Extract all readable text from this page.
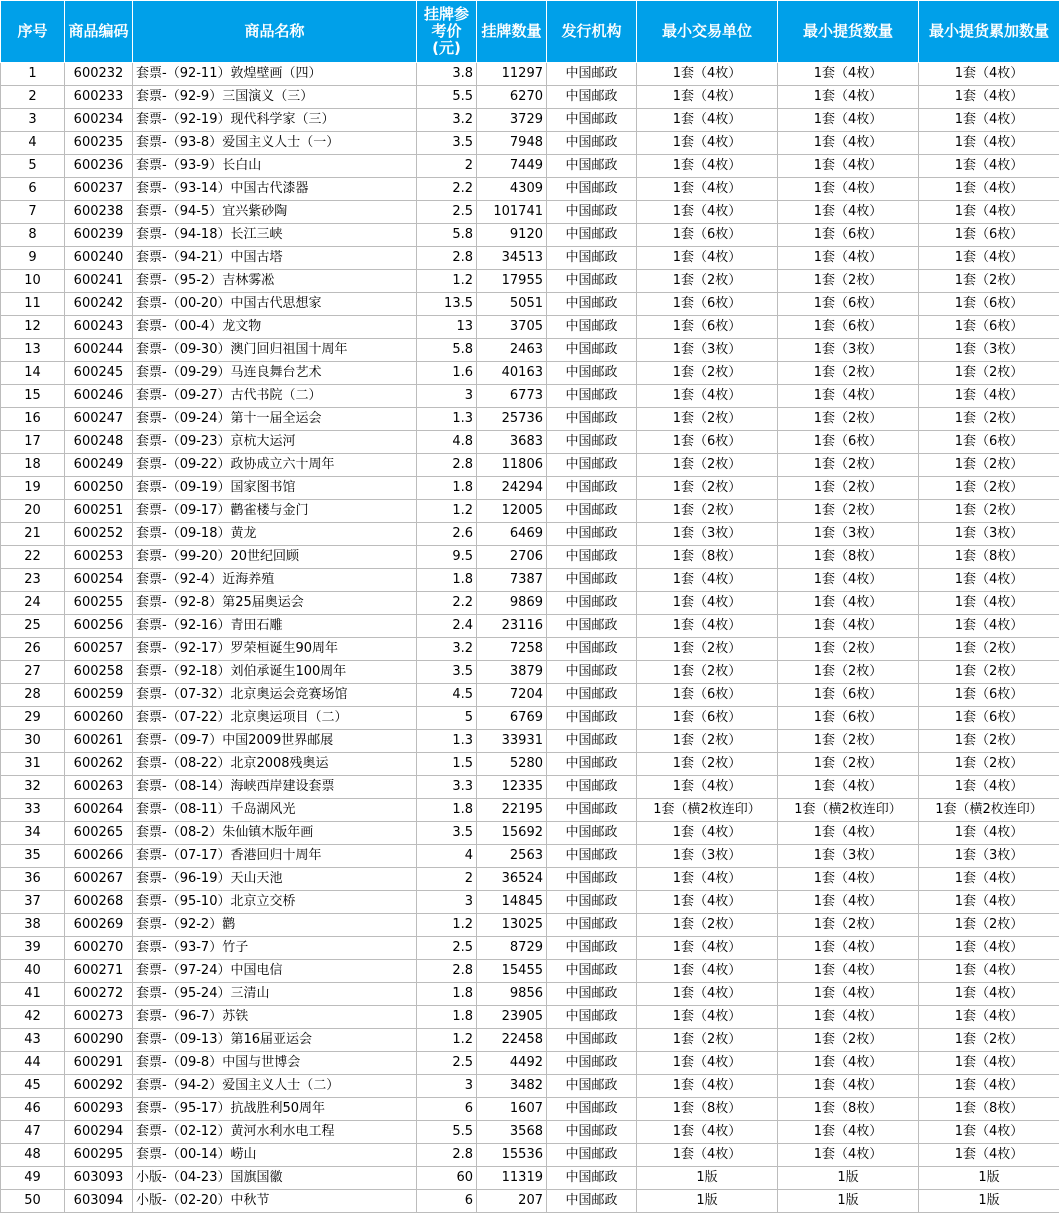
序号	商品编码	商品名称	挂牌参考价(元)	挂牌数量	发行机构	最小交易单位	最小提货数量	最小提货累加数量
1	600232	套票-（92-11）敦煌壁画（四）	3.8	11297	中国邮政	1套（4枚）	1套（4枚）	1套（4枚）
2	600233	套票-（92-9）三国演义（三）	5.5	6270	中国邮政	1套（4枚）	1套（4枚）	1套（4枚）
3	600234	套票-（92-19）现代科学家（三）	3.2	3729	中国邮政	1套（4枚）	1套（4枚）	1套（4枚）
4	600235	套票-（93-8）爱国主义人士（一）	3.5	7948	中国邮政	1套（4枚）	1套（4枚）	1套（4枚）
5	600236	套票-（93-9）长白山	2	7449	中国邮政	1套（4枚）	1套（4枚）	1套（4枚）
6	600237	套票-（93-14）中国古代漆器	2.2	4309	中国邮政	1套（4枚）	1套（4枚）	1套（4枚）
7	600238	套票-（94-5）宜兴紫砂陶	2.5	101741	中国邮政	1套（4枚）	1套（4枚）	1套（4枚）
8	600239	套票-（94-18）长江三峡	5.8	9120	中国邮政	1套（6枚）	1套（6枚）	1套（6枚）
9	600240	套票-（94-21）中国古塔	2.8	34513	中国邮政	1套（4枚）	1套（4枚）	1套（4枚）
10	600241	套票-（95-2）吉林雾凇	1.2	17955	中国邮政	1套（2枚）	1套（2枚）	1套（2枚）
11	600242	套票-（00-20）中国古代思想家	13.5	5051	中国邮政	1套（6枚）	1套（6枚）	1套（6枚）
12	600243	套票-（00-4）龙文物	13	3705	中国邮政	1套（6枚）	1套（6枚）	1套（6枚）
13	600244	套票-（09-30）澳门回归祖国十周年	5.8	2463	中国邮政	1套（3枚）	1套（3枚）	1套（3枚）
14	600245	套票-（09-29）马连良舞台艺术	1.6	40163	中国邮政	1套（2枚）	1套（2枚）	1套（2枚）
15	600246	套票-（09-27）古代书院（二）	3	6773	中国邮政	1套（4枚）	1套（4枚）	1套（4枚）
16	600247	套票-（09-24）第十一届全运会	1.3	25736	中国邮政	1套（2枚）	1套（2枚）	1套（2枚）
17	600248	套票-（09-23）京杭大运河	4.8	3683	中国邮政	1套（6枚）	1套（6枚）	1套（6枚）
18	600249	套票-（09-22）政协成立六十周年	2.8	11806	中国邮政	1套（2枚）	1套（2枚）	1套（2枚）
19	600250	套票-（09-19）国家图书馆	1.8	24294	中国邮政	1套（2枚）	1套（2枚）	1套（2枚）
20	600251	套票-（09-17）鹳雀楼与金门	1.2	12005	中国邮政	1套（2枚）	1套（2枚）	1套（2枚）
21	600252	套票-（09-18）黄龙	2.6	6469	中国邮政	1套（3枚）	1套（3枚）	1套（3枚）
22	600253	套票-（99-20）20世纪回顾	9.5	2706	中国邮政	1套（8枚）	1套（8枚）	1套（8枚）
23	600254	套票-（92-4）近海养殖	1.8	7387	中国邮政	1套（4枚）	1套（4枚）	1套（4枚）
24	600255	套票-（92-8）第25届奥运会	2.2	9869	中国邮政	1套（4枚）	1套（4枚）	1套（4枚）
25	600256	套票-（92-16）青田石雕	2.4	23116	中国邮政	1套（4枚）	1套（4枚）	1套（4枚）
26	600257	套票-（92-17）罗荣桓诞生90周年	3.2	7258	中国邮政	1套（2枚）	1套（2枚）	1套（2枚）
27	600258	套票-（92-18）刘伯承诞生100周年	3.5	3879	中国邮政	1套（2枚）	1套（2枚）	1套（2枚）
28	600259	套票-（07-32）北京奥运会竞赛场馆	4.5	7204	中国邮政	1套（6枚）	1套（6枚）	1套（6枚）
29	600260	套票-（07-22）北京奥运项目（二）	5	6769	中国邮政	1套（6枚）	1套（6枚）	1套（6枚）
30	600261	套票-（09-7）中国2009世界邮展	1.3	33931	中国邮政	1套（2枚）	1套（2枚）	1套（2枚）
31	600262	套票-（08-22）北京2008残奥运	1.5	5280	中国邮政	1套（2枚）	1套（2枚）	1套（2枚）
32	600263	套票-（08-14）海峡西岸建设套票	3.3	12335	中国邮政	1套（4枚）	1套（4枚）	1套（4枚）
33	600264	套票-（08-11）千岛湖风光	1.8	22195	中国邮政	1套（横2枚连印）	1套（横2枚连印）	1套（横2枚连印）
34	600265	套票-（08-2）朱仙镇木版年画	3.5	15692	中国邮政	1套（4枚）	1套（4枚）	1套（4枚）
35	600266	套票-（07-17）香港回归十周年	4	2563	中国邮政	1套（3枚）	1套（3枚）	1套（3枚）
36	600267	套票-（96-19）天山天池	2	36524	中国邮政	1套（4枚）	1套（4枚）	1套（4枚）
37	600268	套票-（95-10）北京立交桥	3	14845	中国邮政	1套（4枚）	1套（4枚）	1套（4枚）
38	600269	套票-（92-2）鹳	1.2	13025	中国邮政	1套（2枚）	1套（2枚）	1套（2枚）
39	600270	套票-（93-7）竹子	2.5	8729	中国邮政	1套（4枚）	1套（4枚）	1套（4枚）
40	600271	套票-（97-24）中国电信	2.8	15455	中国邮政	1套（4枚）	1套（4枚）	1套（4枚）
41	600272	套票-（95-24）三清山	1.8	9856	中国邮政	1套（4枚）	1套（4枚）	1套（4枚）
42	600273	套票-（96-7）苏铁	1.8	23905	中国邮政	1套（4枚）	1套（4枚）	1套（4枚）
43	600290	套票-（09-13）第16届亚运会	1.2	22458	中国邮政	1套（2枚）	1套（2枚）	1套（2枚）
44	600291	套票-（09-8）中国与世博会	2.5	4492	中国邮政	1套（4枚）	1套（4枚）	1套（4枚）
45	600292	套票-（94-2）爱国主义人士（二）	3	3482	中国邮政	1套（4枚）	1套（4枚）	1套（4枚）
46	600293	套票-（95-17）抗战胜利50周年	6	1607	中国邮政	1套（8枚）	1套（8枚）	1套（8枚）
47	600294	套票-（02-12）黄河水利水电工程	5.5	3568	中国邮政	1套（4枚）	1套（4枚）	1套（4枚）
48	600295	套票-（00-14）崂山	2.8	15536	中国邮政	1套（4枚）	1套（4枚）	1套（4枚）
49	603093	小版-（04-23）国旗国徽	60	11319	中国邮政	1版	1版	1版
50	603094	小版-（02-20）中秋节	6	207	中国邮政	1版	1版	1版
